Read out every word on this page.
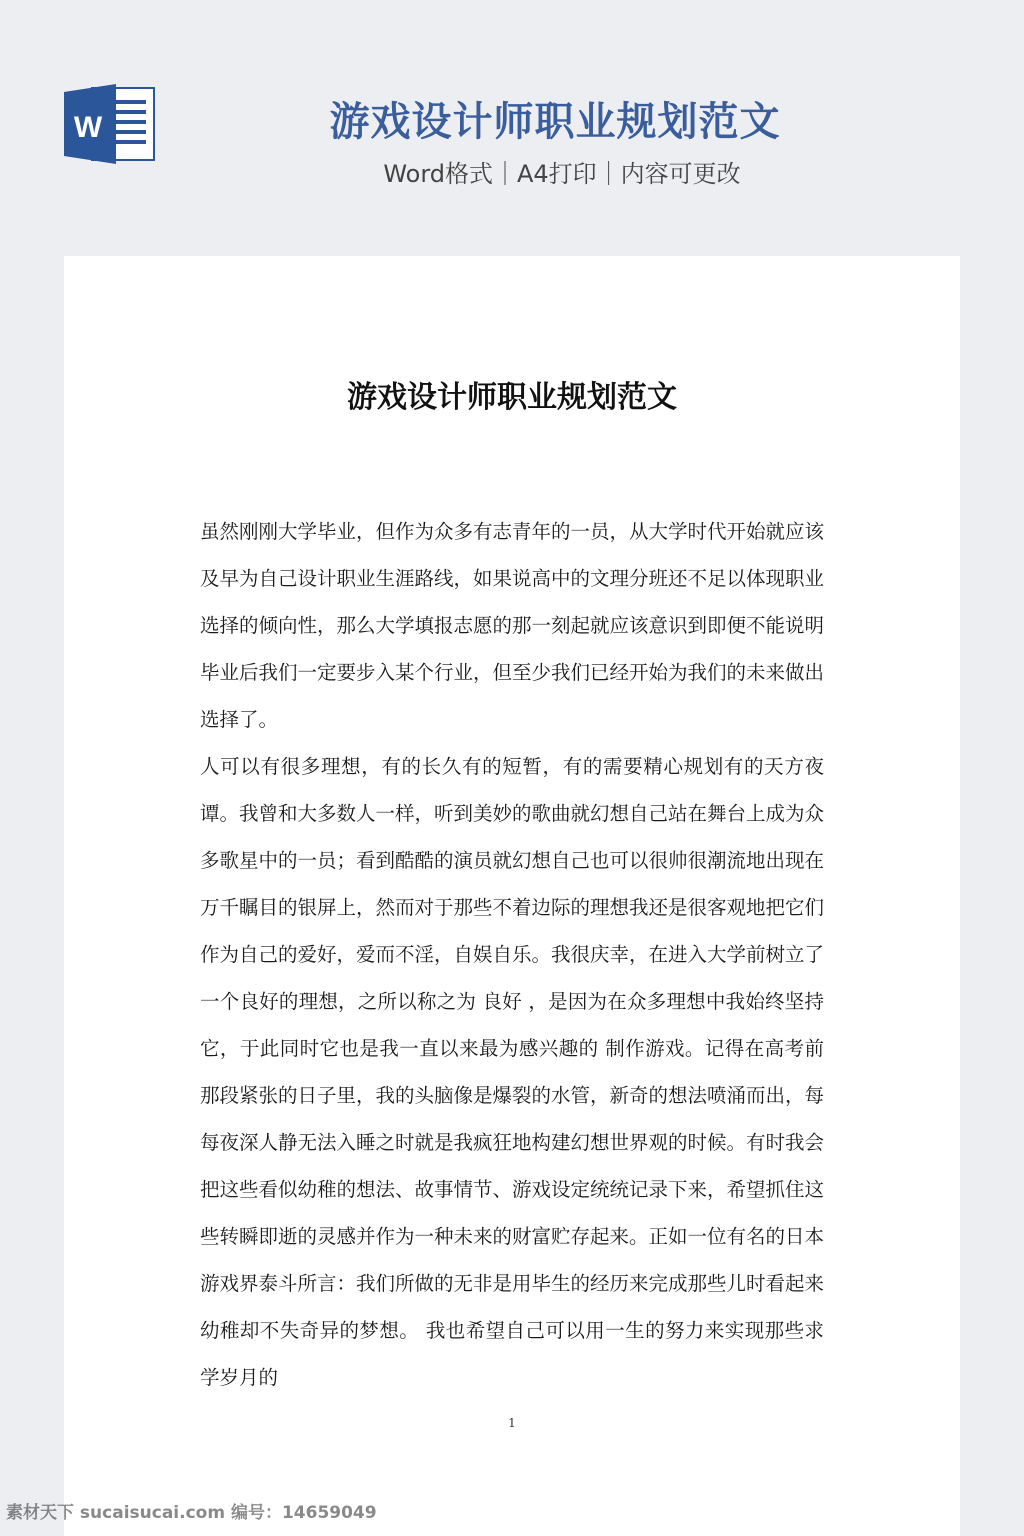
W	游戏设计师职业规划范文
Word格式｜A4打印｜内容可更改
游戏设计师职业规划范文

虽然刚刚大学毕业，但作为众多有志青年的一员，从大学时代开始就应该及早为自己设计职业生涯路线，如果说高中的文理分班还不足以体现职业选择的倾向性，那么大学填报志愿的那一刻起就应该意识到即便不能说明毕业后我们一定要步入某个行业，但至少我们已经开始为我们的未来做出选择了。

人可以有很多理想，有的长久有的短暂，有的需要精心规划有的天方夜谭。我曾和大多数人一样，听到美妙的歌曲就幻想自己站在舞台上成为众多歌星中的一员；看到酷酷的演员就幻想自己也可以很帅很潮流地出现在万千瞩目的银屏上，然而对于那些不着边际的理想我还是很客观地把它们作为自己的爱好，爱而不淫，自娱自乐。我很庆幸，在进入大学前树立了一个良好的理想，之所以称之为 良好 ，是因为在众多理想中我始终坚持它，于此同时它也是我一直以来最为感兴趣的 制作游戏。记得在高考前那段紧张的日子里，我的头脑像是爆裂的水管，新奇的想法喷涌而出，每每夜深人静无法入睡之时就是我疯狂地构建幻想世界观的时候。有时我会把这些看似幼稚的想法、故事情节、游戏设定统统记录下来，希望抓住这些转瞬即逝的灵感并作为一种未来的财富贮存起来。正如一位有名的日本游戏界泰斗所言：我们所做的无非是用毕生的经历来完成那些儿时看起来幼稚却不失奇异的梦想。 我也希望自己可以用一生的努力来实现那些求学岁月的

1
素材天下 sucaisucai.com 编号：14659049
